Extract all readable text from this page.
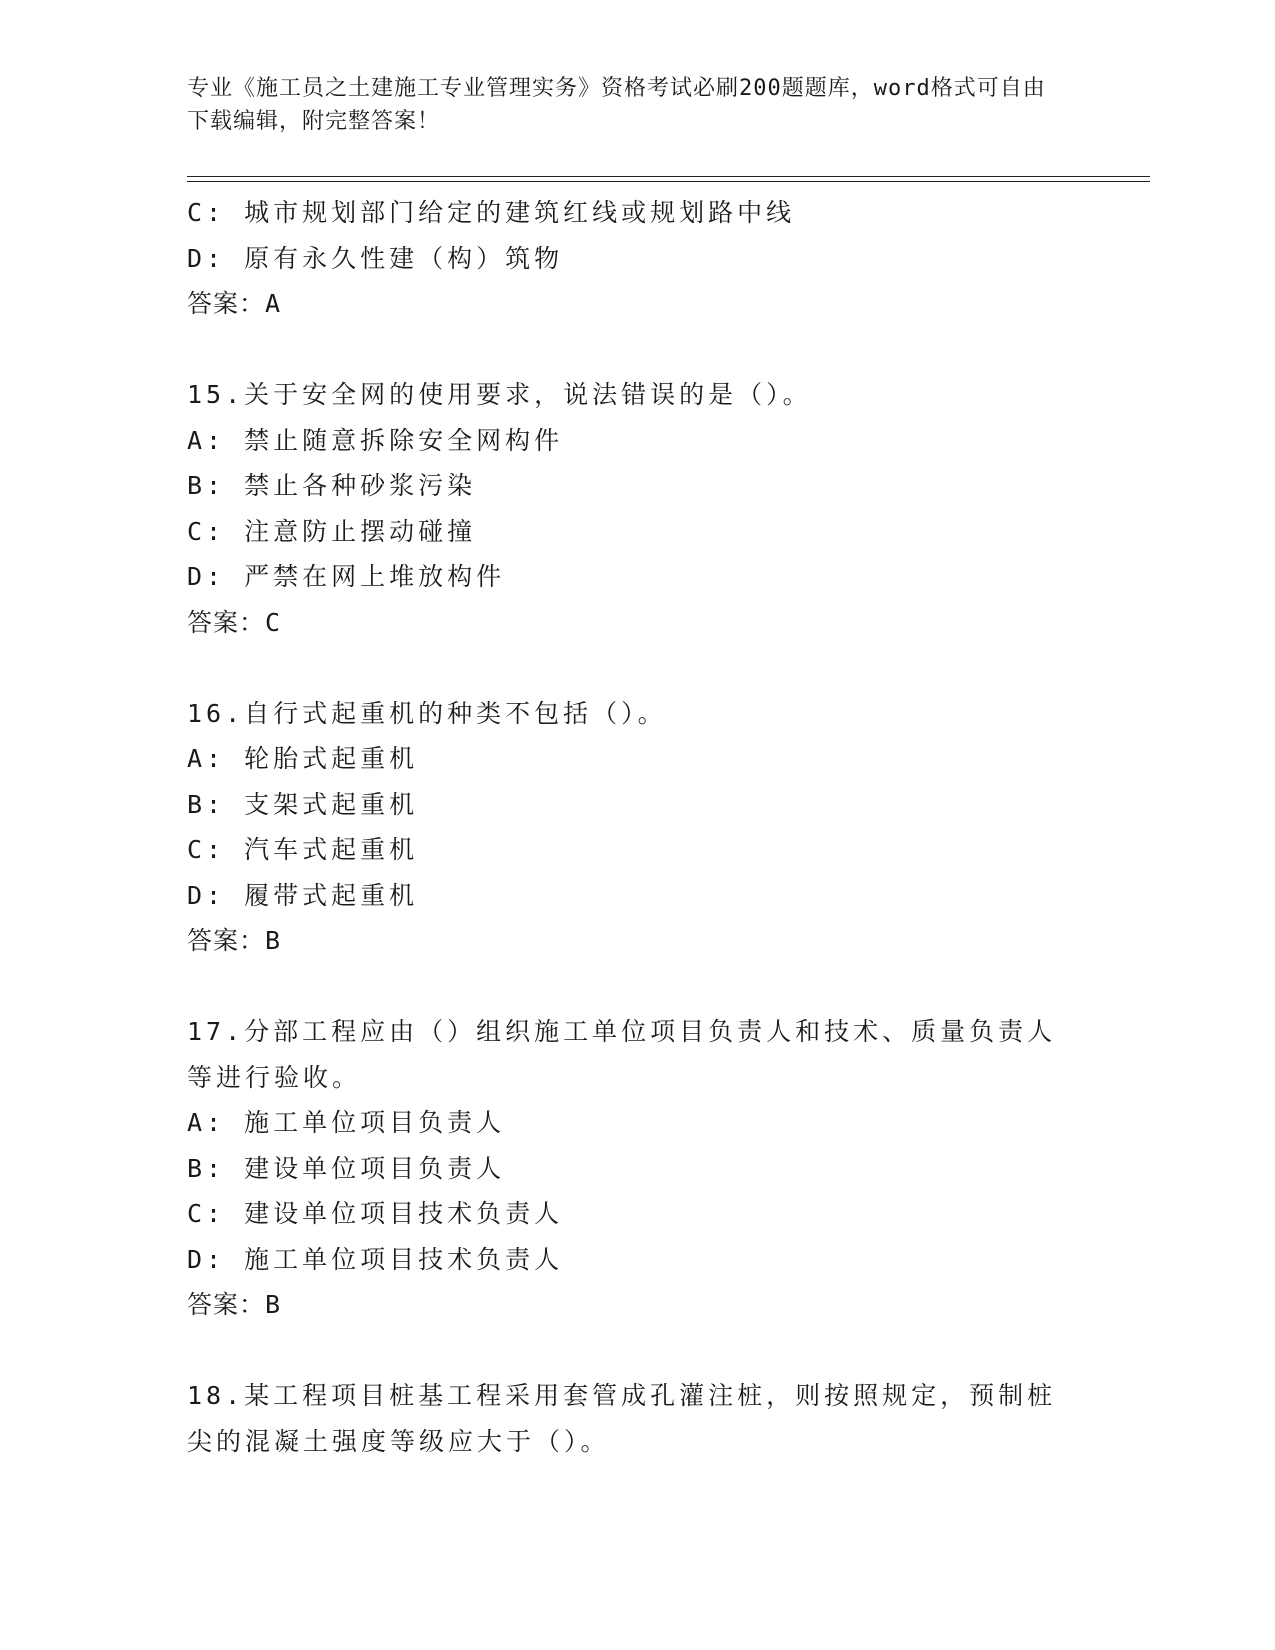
专业《施工员之土建施工专业管理实务》资格考试必刷200题题库，word格式可自由下载编辑，附完整答案！
C: 城市规划部门给定的建筑红线或规划路中线
D: 原有永久性建（构）筑物
答案：A
15.关于安全网的使用要求，说法错误的是（）。
A: 禁止随意拆除安全网构件
B: 禁止各种砂浆污染
C: 注意防止摆动碰撞
D: 严禁在网上堆放构件
答案：C
16.自行式起重机的种类不包括（）。
A: 轮胎式起重机
B: 支架式起重机
C: 汽车式起重机
D: 履带式起重机
答案：B
17.分部工程应由（）组织施工单位项目负责人和技术、质量负责人等进行验收。
A: 施工单位项目负责人
B: 建设单位项目负责人
C: 建设单位项目技术负责人
D: 施工单位项目技术负责人
答案：B
18.某工程项目桩基工程采用套管成孔灌注桩，则按照规定，预制桩尖的混凝土强度等级应大于（）。
